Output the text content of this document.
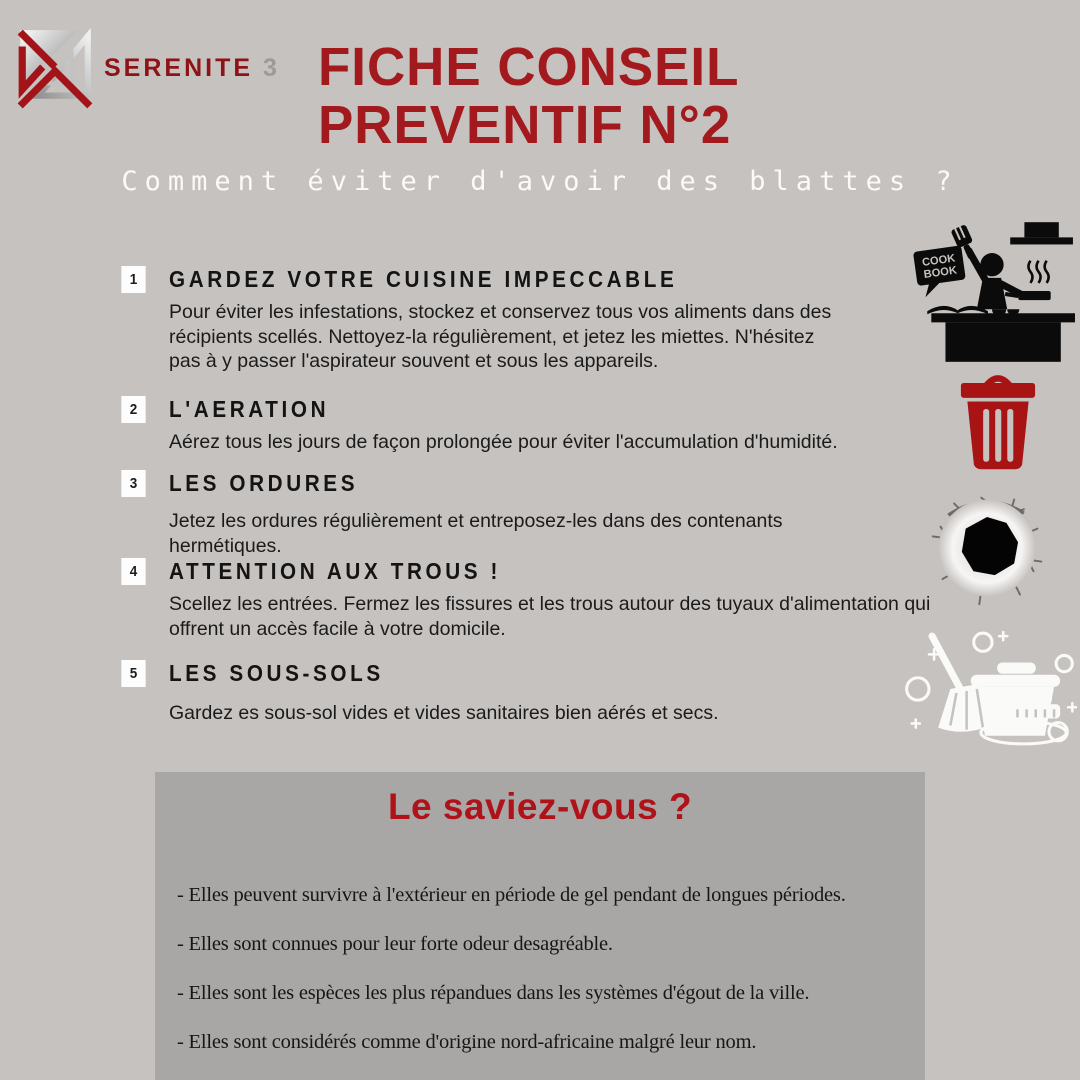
SERENITE 3 FICHE CONSEIL
PREVENTIF N°2
Comment éviter d'avoir des blattes ?
1	GARDEZ VOTRE CUISINE IMPECCABLE
Pour éviter les infestations, stockez et conservez tous vos aliments dans des récipients scellés. Nettoyez-la régulièrement, et jetez les miettes. N'hésitez pas à y passer l'aspirateur souvent et sous les appareils.
2	L'AERATION
Aérez tous les jours de façon prolongée pour éviter l'accumulation d'humidité.
3	LES ORDURES
Jetez les ordures régulièrement et entreposez-les dans des contenants hermétiques.
4	ATTENTION AUX TROUS !
Scellez les entrées. Fermez les fissures et les trous autour des tuyaux d'alimentation qui offrent un accès facile à votre domicile.
5	LES SOUS-SOLS
Gardez es sous-sol vides et vides sanitaires bien aérés et secs.
COOK
BOOK
Le saviez-vous ?

- Elles peuvent survivre à l'extérieur en période de gel pendant de longues périodes.

- Elles sont connues pour leur forte odeur desagréable.

- Elles sont les espèces les plus répandues dans les systèmes d'égout de la ville.

- Elles sont considérés comme d'origine nord-africaine malgré leur nom.
